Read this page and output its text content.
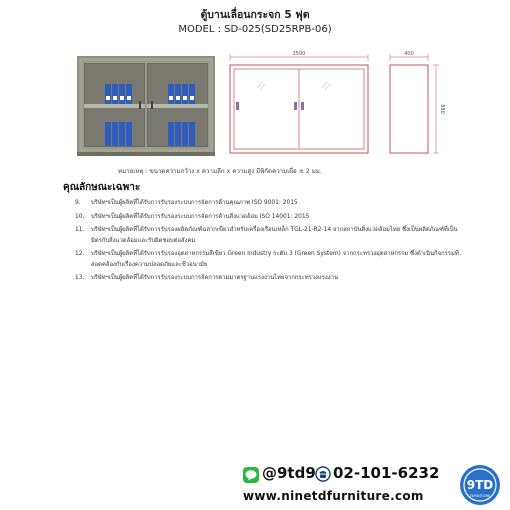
ตู้บานเลื่อนกระจก 5 ฟุต
MODEL : SD-025(SD25RPB-06)
1500	400
880
หมายเหตุ : ขนาดความกว้าง x ความลึก x ความสูง มีพิกัดความเผื่อ ± 2 มม.
คุณลักษณะเฉพาะ
9. บริษัทฯเป็นผู้ผลิตที่ได้รับการรับรองระบบการจัดการด้านคุณภาพ ISO 9001: 2015
10. บริษัทฯเป็นผู้ผลิตที่ได้รับการรับรองระบบการจัดการด้านสิ่งแวดล้อม ISO 14001: 2015
11. บริษัทฯเป็นผู้ผลิตที่ได้รับการรับรองผลิตภัณฑ์ฉลากเขียวสำหรับเครื่องเรือนเหล็ก TGL-21-R2-14 จากสถาบันสิ่งแวดล้อมไทย ซึ่งเป็นผลิตภัณฑ์ที่เป็นมิตรกับสิ่งแวดล้อมและรับผิดชอบต่อสังคม
12. บริษัทฯเป็นผู้ผลิตที่ได้รับการรับรองอุตสาหกรรมสีเขียว Green Industry ระดับ 3 (Green System) จากกระทรวงอุตสาหกรรม ซึ่งดำเนินกิจกรรมที่สอดคล้องกับเรื่องความปลอดภัยและชีวอนามัย
13. บริษัทฯเป็นผู้ผลิตที่ได้รับการรับรองระบบการจัดการตามมาตรฐานแรงงานไทยจากกระทรวงแรงงาน
@9td9 02-101-6232
www.ninetdfurniture.com
9TD
FURNITURE
